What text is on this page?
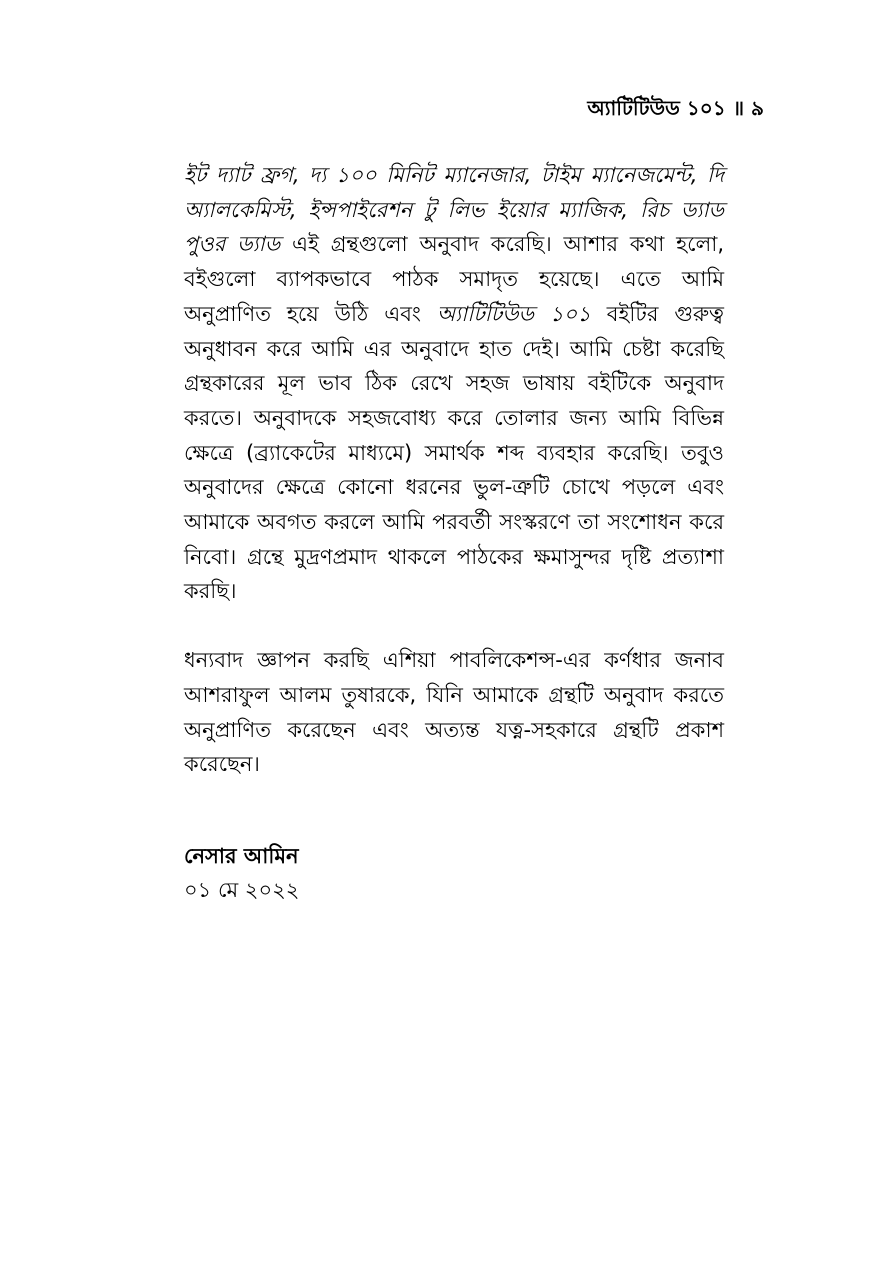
অ্যাটিটিউড ১০১ ॥ ৯

ইট দ্যাট ফ্রগ, দ্য ১০০ মিনিট ম্যানেজার, টাইম ম্যানেজমেন্ট, দি অ্যালকেমিস্ট, ইন্সপাইরেশন টু লিভ ইয়োর ম্যাজিক, রিচ ড্যাড পুওর ড্যাড এই গ্রন্থগুলো অনুবাদ করেছি। আশার কথা হলো, বইগুলো ব্যাপকভাবে পাঠক সমাদৃত হয়েছে। এতে আমি অনুপ্রাণিত হয়ে উঠি এবং অ্যাটিটিউড ১০১ বইটির গুরুত্ব অনুধাবন করে আমি এর অনুবাদে হাত দেই। আমি চেষ্টা করেছি গ্রন্থকারের মূল ভাব ঠিক রেখে সহজ ভাষায় বইটিকে অনুবাদ করতে। অনুবাদকে সহজবোধ্য করে তোলার জন্য আমি বিভিন্ন ক্ষেত্রে (ব্র্যাকেটের মাধ্যমে) সমার্থক শব্দ ব্যবহার করেছি। তবুও অনুবাদের ক্ষেত্রে কোনো ধরনের ভুল-ত্রুটি চোখে পড়লে এবং আমাকে অবগত করলে আমি পরবর্তী সংস্করণে তা সংশোধন করে নিবো। গ্রন্থে মুদ্রণপ্রমাদ থাকলে পাঠকের ক্ষমাসুন্দর দৃষ্টি প্রত্যাশা করছি।

ধন্যবাদ জ্ঞাপন করছি এশিয়া পাবলিকেশন্স-এর কর্ণধার জনাব আশরাফুল আলম তুষারকে, যিনি আমাকে গ্রন্থটি অনুবাদ করতে অনুপ্রাণিত করেছেন এবং অত্যন্ত যত্ন-সহকারে গ্রন্থটি প্রকাশ করেছেন।

নেসার আমিন
০১ মে ২০২২
